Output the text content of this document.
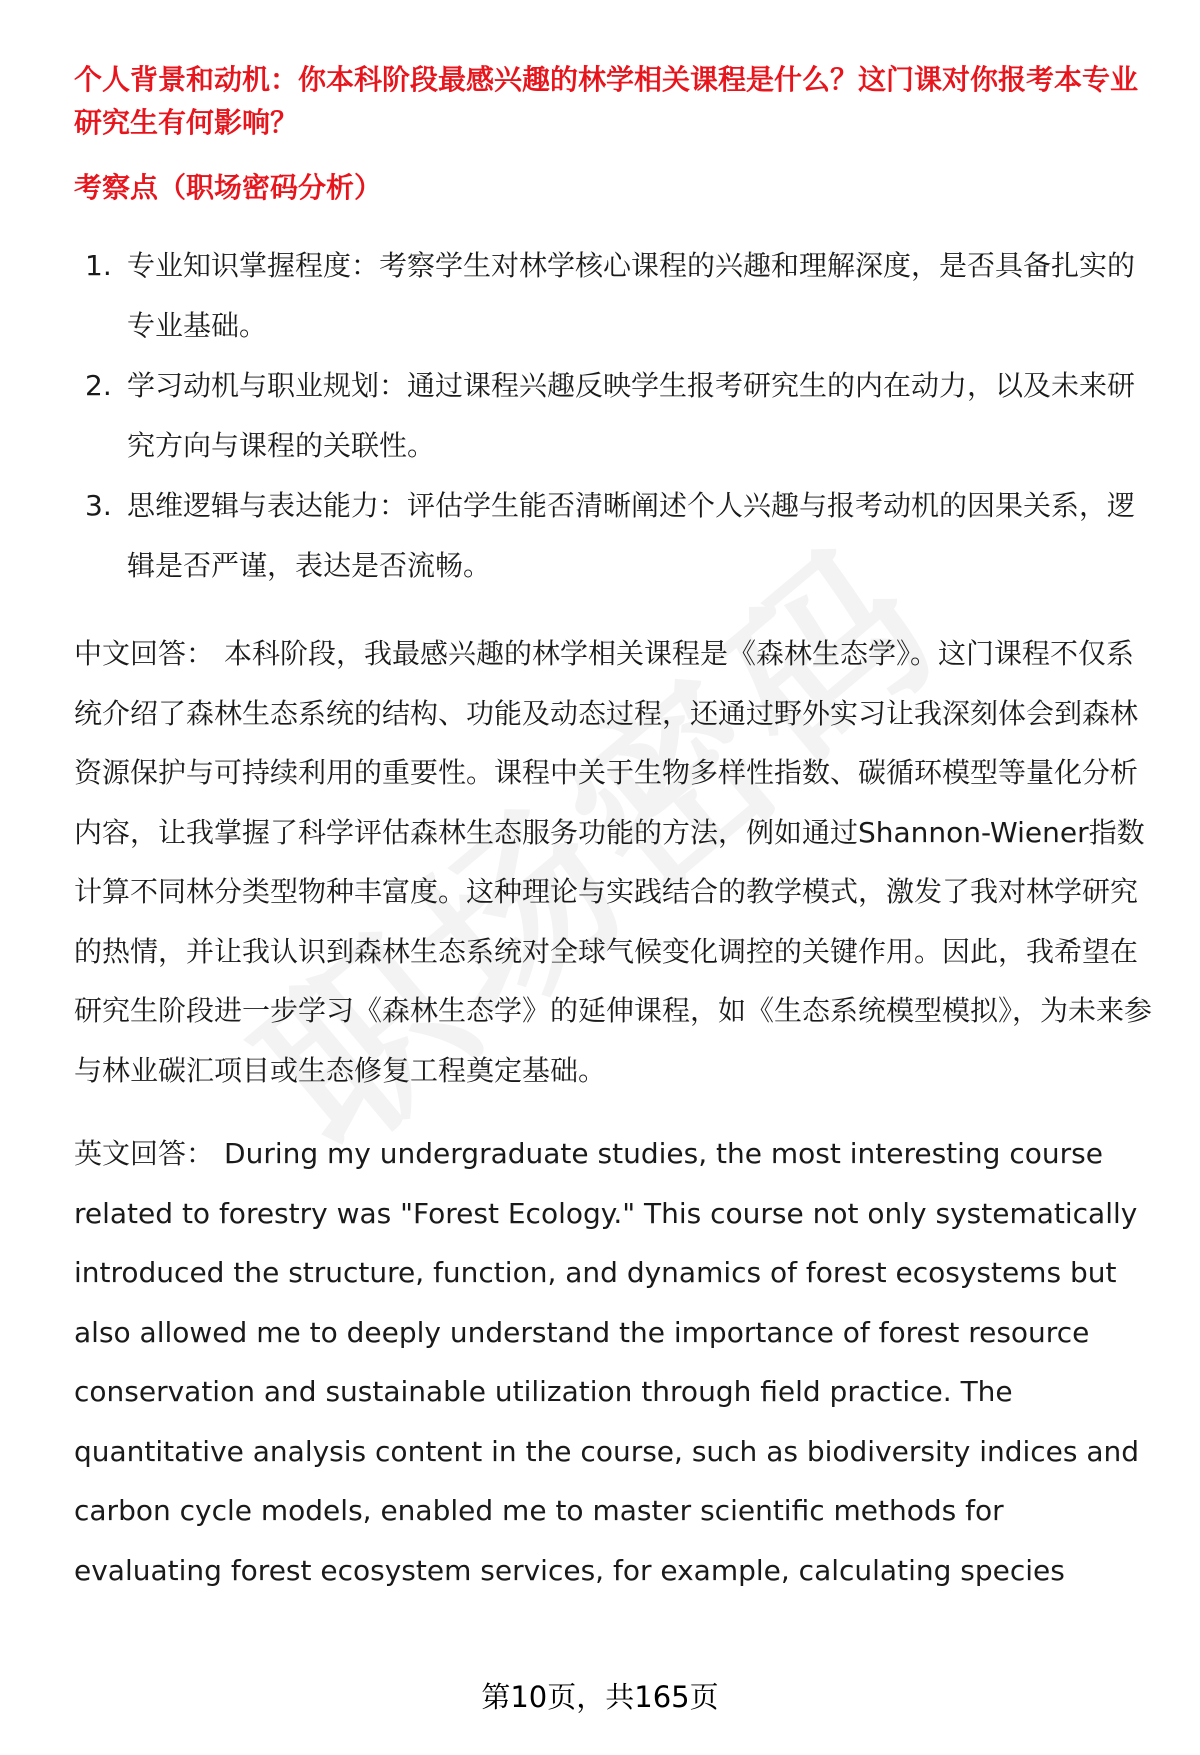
个人背景和动机：你本科阶段最感兴趣的林学相关课程是什么？这门课对你报考本专业研究生有何影响？

考察点（职场密码分析）

1. 专业知识掌握程度：考察学生对林学核心课程的兴趣和理解深度，是否具备扎实的专业基础。
2. 学习动机与职业规划：通过课程兴趣反映学生报考研究生的内在动力，以及未来研究方向与课程的关联性。
3. 思维逻辑与表达能力：评估学生能否清晰阐述个人兴趣与报考动机的因果关系，逻辑是否严谨，表达是否流畅。

中文回答： 本科阶段，我最感兴趣的林学相关课程是《森林生态学》。这门课程不仅系统介绍了森林生态系统的结构、功能及动态过程，还通过野外实习让我深刻体会到森林资源保护与可持续利用的重要性。课程中关于生物多样性指数、碳循环模型等量化分析内容，让我掌握了科学评估森林生态服务功能的方法，例如通过Shannon-Wiener指数计算不同林分类型物种丰富度。这种理论与实践结合的教学模式，激发了我对林学研究的热情，并让我认识到森林生态系统对全球气候变化调控的关键作用。因此，我希望在研究生阶段进一步学习《森林生态学》的延伸课程，如《生态系统模型模拟》，为未来参与林业碳汇项目或生态修复工程奠定基础。

英文回答： During my undergraduate studies, the most interesting course related to forestry was "Forest Ecology." This course not only systematically introduced the structure, function, and dynamics of forest ecosystems but also allowed me to deeply understand the importance of forest resource conservation and sustainable utilization through field practice. The quantitative analysis content in the course, such as biodiversity indices and carbon cycle models, enabled me to master scientific methods for evaluating forest ecosystem services, for example, calculating species

第10页，共165页
